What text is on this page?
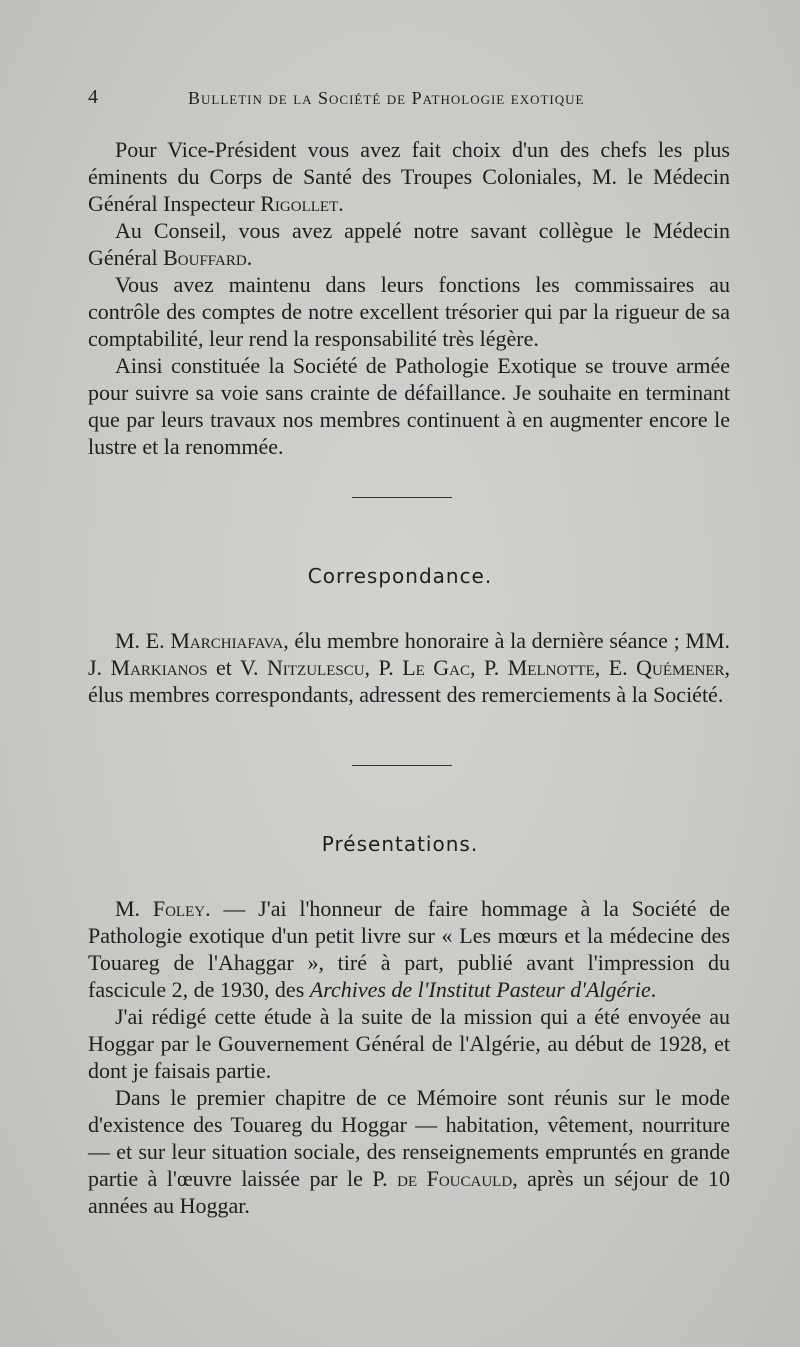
4	Bulletin de la Société de Pathologie exotique

Pour Vice-Président vous avez fait choix d'un des chefs les plus éminents du Corps de Santé des Troupes Coloniales, M. le Médecin Général Inspecteur Rigollet.

Au Conseil, vous avez appelé notre savant collègue le Médecin Général Bouffard.

Vous avez maintenu dans leurs fonctions les commissaires au contrôle des comptes de notre excellent trésorier qui par la rigueur de sa comptabilité, leur rend la responsabilité très légère.

Ainsi constituée la Société de Pathologie Exotique se trouve armée pour suivre sa voie sans crainte de défaillance. Je souhaite en terminant que par leurs travaux nos membres continuent à en augmenter encore le lustre et la renommée.

Correspondance.

M. E. Marchiafava, élu membre honoraire à la dernière séance ; MM. J. Markianos et V. Nitzulescu, P. Le Gac, P. Melnotte, E. Quémener, élus membres correspondants, adressent des remerciements à la Société.

Présentations.

M. Foley. — J'ai l'honneur de faire hommage à la Société de Pathologie exotique d'un petit livre sur « Les mœurs et la médecine des Touareg de l'Ahaggar », tiré à part, publié avant l'impression du fascicule 2, de 1930, des Archives de l'Institut Pasteur d'Algérie.

J'ai rédigé cette étude à la suite de la mission qui a été envoyée au Hoggar par le Gouvernement Général de l'Algérie, au début de 1928, et dont je faisais partie.

Dans le premier chapitre de ce Mémoire sont réunis sur le mode d'existence des Touareg du Hoggar — habitation, vêtement, nourriture — et sur leur situation sociale, des renseignements empruntés en grande partie à l'œuvre laissée par le P. de Foucauld, après un séjour de 10 années au Hoggar.
